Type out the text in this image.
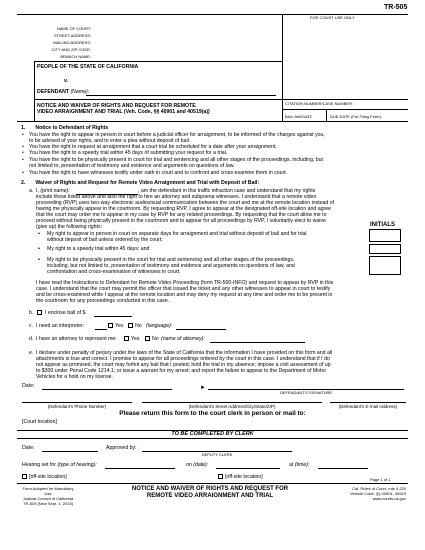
TR-505
FOR COURT USE ONLY
NAME OF COURT:
STREET ADDRESS:
MAILING ADDRESS:
CITY AND ZIP CODE:
BRANCH NAME:
PEOPLE OF THE STATE OF CALIFORNIA
v.
DEFENDANT (Name):
NOTICE AND WAIVER OF RIGHTS AND REQUEST FOR REMOTE
VIDEO ARRAIGNMENT AND TRIAL (Veh. Code, §§ 40901 and 40519(a))
CITATION NUMBER/CASE NUMBER:
BAIL AMOUNT:	DUE DATE (For Filing Form):
1. Notice to Defendant of Rights
• You have the right to appear in person in court before a judicial officer for arraignment, to be informed of the charges against you,
to be advised of your rights, and to enter a plea without deposit of bail.
• You have the right to request at arraignment that a court trial be scheduled for a date after your arraignment.
• You have the right to a speedy trial within 45 days of submitting your request for a trial.
• You have the right to be physically present in court for trial and sentencing and all other stages of the proceedings, including, but
not limited to, presentation of testimony and evidence and arguments on questions of law.
• You have the right to have witnesses testify under oath in court and to confront and cross-examine them in court.
2. Waiver of Rights and Request for Remote Video Arraignment and Trial with Deposit of Bail:
a. I, (print name):	, am the defendant in this traffic infraction case and understand that my rights
include those listed above and also the right to hire an attorney and subpoena witnesses. I understand that a remote video
proceeding (RVP) uses two-way electronic audiovisual communication between the court and me at the remote location instead of
having me physically appear in the courtroom. By requesting RVP, I agree to appear at the designated off-site location and agree
that the court may order me to appear in my case by RVP for any related proceedings. By requesting that the court allow me to
proceed without being physically present in the courtroom and to appear for all proceedings by RVP, I voluntarily elect to waive
(give up) the following rights:	INITIALS
▪ My right to appear in person in court on separate days for arraignment and trial without deposit of bail and for trial
without deposit of bail unless ordered by the court;
▪ My right to a speedy trial within 45 days; and
▪ My right to be physically present in the court for trial and sentencing and all other stages of the proceedings,
including, but not limited to, presentation of testimony and evidence and arguments on questions of law, and
confrontation and cross-examination of witnesses in court.
I have read the Instructions to Defendant for Remote Video Proceeding (form TR-500-INFO) and request to appear by RVP in this
case. I understand that the court may permit the officer that issued the ticket and any other witnesses to appear in court to testify
and be cross-examined while I appear at the remote location and may deny my request at any time and order me to be present in
the courtroom for any proceedings conducted in this case.
b. I enclose bail of $	.
c. I need an interpreter:	Yes No (language):
d. I have an attorney to represent me:	Yes No (name of attorney):
e. I declare under penalty of perjury under the laws of the State of California that the information I have provided on this form and all
attachments is true and correct. I promise to appear for all proceedings ordered by the court in this case. I understand that if I do
not appear as promised, the court may forfeit any bail that I posted; hold the trial in my absence; impose a civil assessment of up
to $300 under Penal Code 1214.1; or issue a warrant for my arrest; and report the failure to appear to the Department of Motor
Vehicles for a hold on my license.
Date:	►
DEFENDANT'S SIGNATURE
(Defendant's Phone Number)	(Defendant's Street Address/City/State/ZIP)	(Defendant's E-mail Address)
Please return this form to the court clerk in person or mail to:
[Court location]
TO BE COMPLETED BY CLERK
Date:	Approved by:
DEPUTY CLERK
Hearing set for (type of hearing):	on (date):	at (time):
[off-site location]	[off-site location]	Page 1 of 1
Form Adopted for Mandatory Use
Judicial Council of California
TR-505 [New Sept. 1, 2015]
NOTICE AND WAIVER OF RIGHTS AND REQUEST FOR
REMOTE VIDEO ARRAIGNMENT AND TRIAL
Cal. Rules of Court, rule 4.220
Vehicle Code, §§ 40901, 40519
www.courts.ca.gov
